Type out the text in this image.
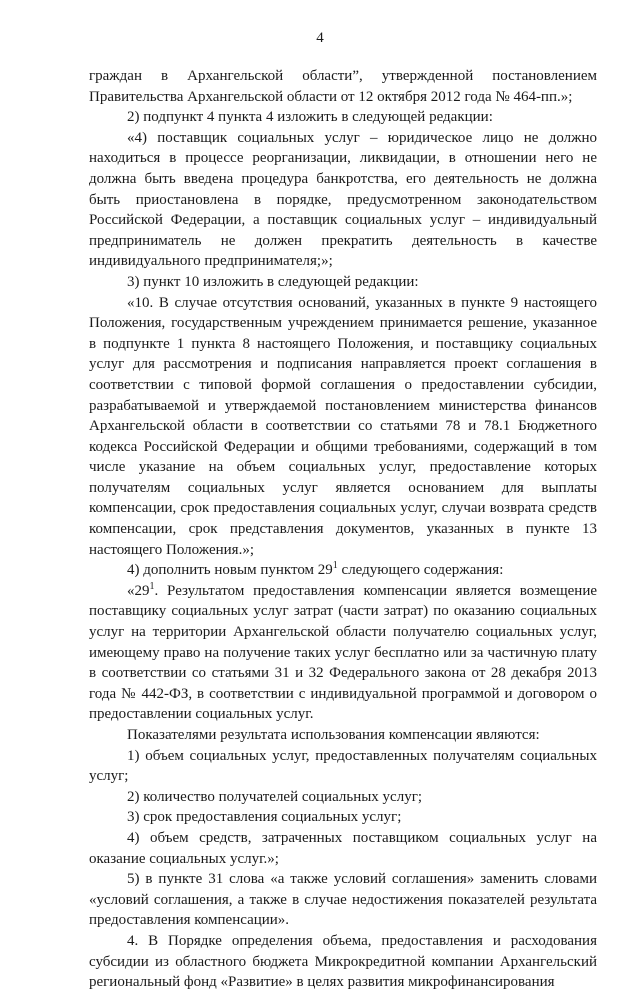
4

граждан в Архангельской области”, утвержденной постановлением Правительства Архангельской области от 12 октября 2012 года № 464-пп.»;

2) подпункт 4 пункта 4 изложить в следующей редакции:

«4) поставщик социальных услуг – юридическое лицо не должно находиться в процессе реорганизации, ликвидации, в отношении него не должна быть введена процедура банкротства, его деятельность не должна быть приостановлена в порядке, предусмотренном законодательством Российской Федерации, а поставщик социальных услуг – индивидуальный предприниматель не должен прекратить деятельность в качестве индивидуального предпринимателя;»;

3) пункт 10 изложить в следующей редакции:

«10. В случае отсутствия оснований, указанных в пункте 9 настоящего Положения, государственным учреждением принимается решение, указанное в подпункте 1 пункта 8 настоящего Положения, и поставщику социальных услуг для рассмотрения и подписания направляется проект соглашения в соответствии с типовой формой соглашения о предоставлении субсидии, разрабатываемой и утверждаемой постановлением министерства финансов Архангельской области в соответствии со статьями 78 и 78.1 Бюджетного кодекса Российской Федерации и общими требованиями, содержащий в том числе указание на объем социальных услуг, предоставление которых получателям социальных услуг является основанием для выплаты компенсации, срок предоставления социальных услуг, случаи возврата средств компенсации, срок представления документов, указанных в пункте 13 настоящего Положения.»;

4) дополнить новым пунктом $29^1$ следующего содержания:

«$29^1$. Результатом предоставления компенсации является возмещение поставщику социальных услуг затрат (части затрат) по оказанию социальных услуг на территории Архангельской области получателю социальных услуг, имеющему право на получение таких услуг бесплатно или за частичную плату в соответствии со статьями 31 и 32 Федерального закона от 28 декабря 2013 года № 442-ФЗ, в соответствии с индивидуальной программой и договором о предоставлении социальных услуг.

Показателями результата использования компенсации являются:

1) объем социальных услуг, предоставленных получателям социальных услуг;

2) количество получателей социальных услуг;

3) срок предоставления социальных услуг;

4) объем средств, затраченных поставщиком социальных услуг на оказание социальных услуг.»;

5) в пункте 31 слова «а также условий соглашения» заменить словами «условий соглашения, а также в случае недостижения показателей результата предоставления компенсации».

4. В Порядке определения объема, предоставления и расходования субсидии из областного бюджета Микрокредитной компании Архангельский региональный фонд «Развитие» в целях развития микрофинансирования
